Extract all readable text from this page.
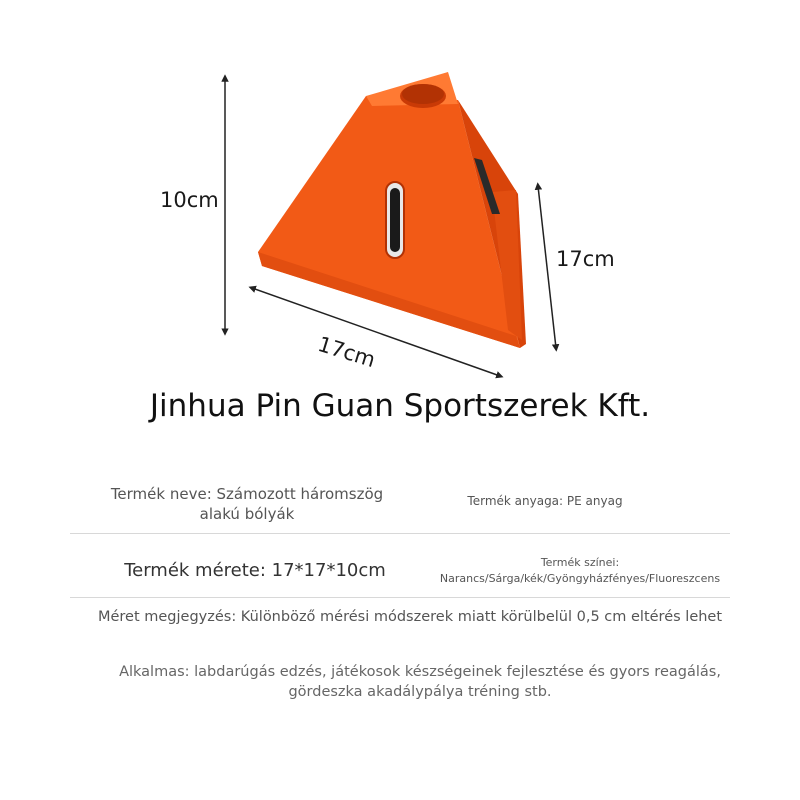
10cm
17cm
17cm
Jinhua Pin Guan Sportszerek Kft.
Termék neve: Számozott háromszög
alakú bólyák
Termék anyaga: PE anyag
Termék mérete: 17*17*10cm	Termék színei:
Narancs/Sárga/kék/Gyöngyházfényes/Fluoreszcens
Méret megjegyzés: Különböző mérési módszerek miatt körülbelül 0,5 cm eltérés lehet
Alkalmas: labdarúgás edzés, játékosok készségeinek fejlesztése és gyors reagálás,
gördeszka akadálypálya tréning stb.
